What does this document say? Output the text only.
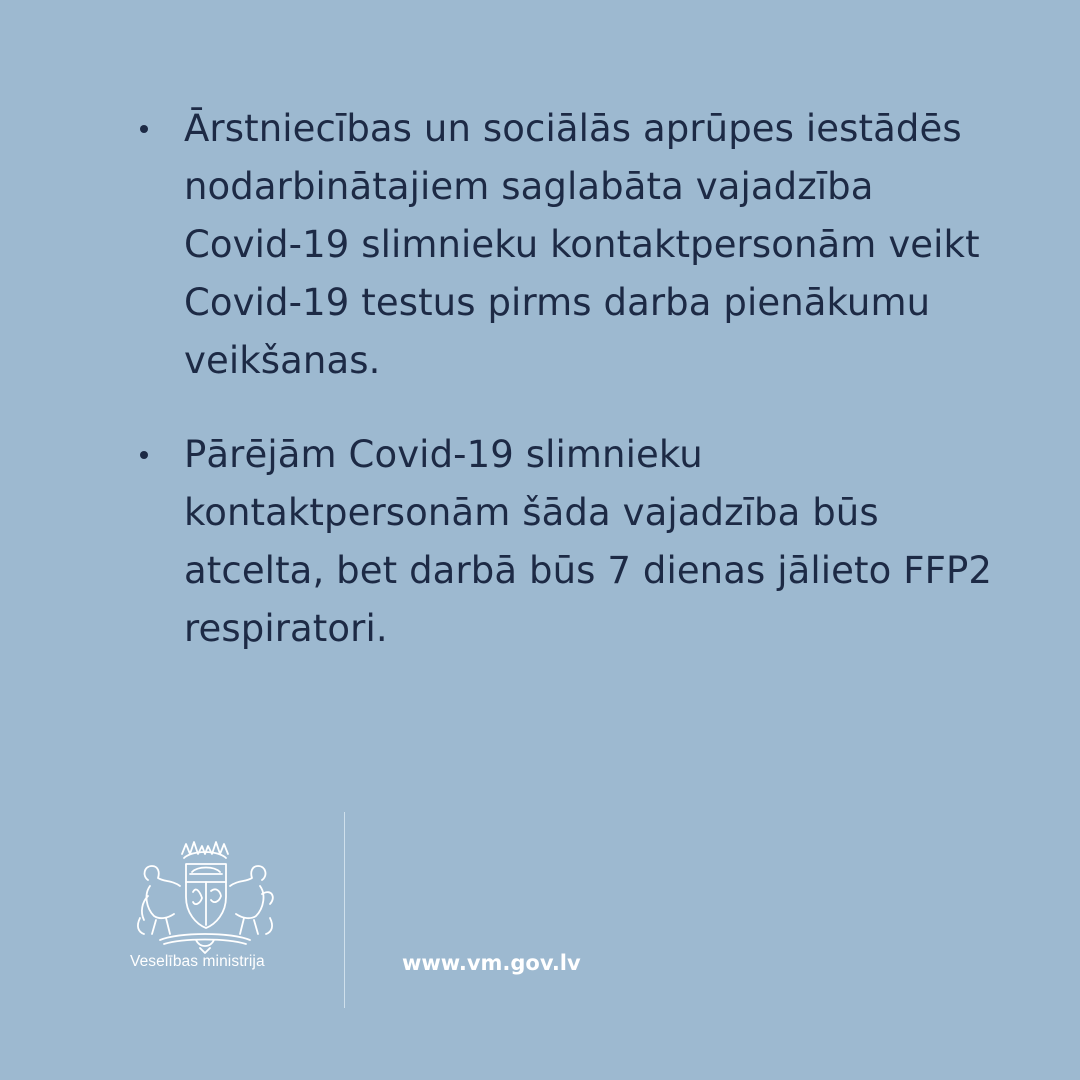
Ārstniecības un sociālās aprūpes iestādēs nodarbinātajiem saglabāta vajadzība Covid-19 slimnieku kontaktpersonām veikt Covid-19 testus pirms darba pienākumu veikšanas.
Pārējām Covid-19 slimnieku kontaktpersonām šāda vajadzība būs atcelta, bet darbā būs 7 dienas jālieto FFP2 respiratori.
Veselības ministrija	www.vm.gov.lv
